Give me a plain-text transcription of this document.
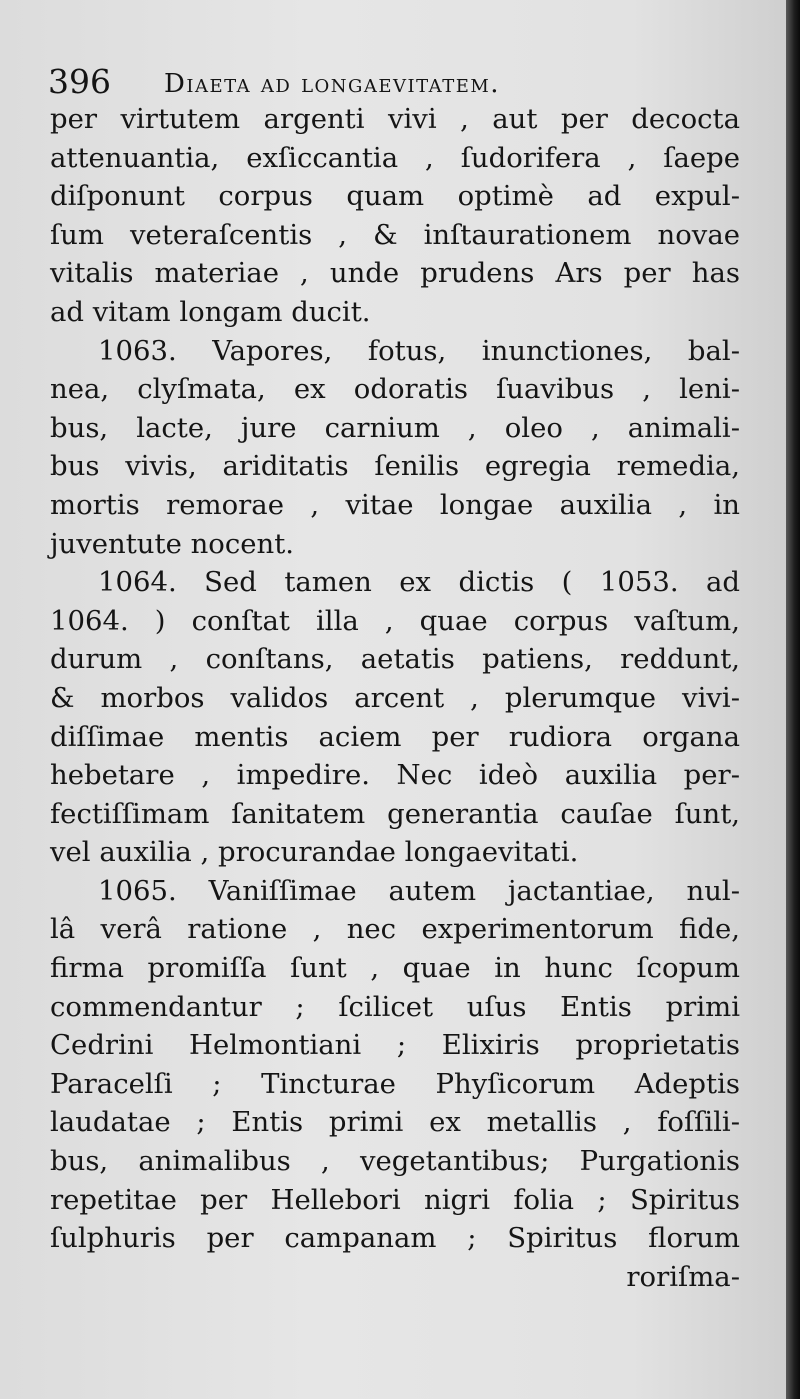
396 Diaeta ad longaevitatem.
per virtutem argenti vivi , aut per decocta
attenuantia, exſiccantia , ſudorifera , ſaepe
diſponunt corpus quam optimè ad expul-
ſum veteraſcentis , & inſtaurationem novae
vitalis materiae , unde prudens Ars per has
ad vitam longam ducit.
1063. Vapores, fotus, inunctiones, bal-
nea, clyſmata, ex odoratis ſuavibus , leni-
bus, lacte, jure carnium , oleo , animali-
bus vivis, ariditatis ſenilis egregia remedia,
mortis remorae , vitae longae auxilia , in
juventute nocent.
1064. Sed tamen ex dictis ( 1053. ad
1064. ) conſtat illa , quae corpus vaſtum,
durum , conſtans, aetatis patiens, reddunt,
& morbos validos arcent , plerumque vivi-
diſſimae mentis aciem per rudiora organa
hebetare , impedire. Nec ideò auxilia per-
fectiſſimam ſanitatem generantia cauſae ſunt,
vel auxilia , procurandae longaevitati.
1065. Vaniſſimae autem jactantiae, nul-
lâ verâ ratione , nec experimentorum fide,
firma promiſſa ſunt , quae in hunc ſcopum
commendantur ; ſcilicet uſus Entis primi
Cedrini Helmontiani ; Elixiris proprietatis
Paracelſi ; Tincturae Phyſicorum Adeptis
laudatae ; Entis primi ex metallis , foſſili-
bus, animalibus , vegetantibus; Purgationis
repetitae per Hellebori nigri folia ; Spiritus
ſulphuris per campanam ; Spiritus florum
roriſma-
